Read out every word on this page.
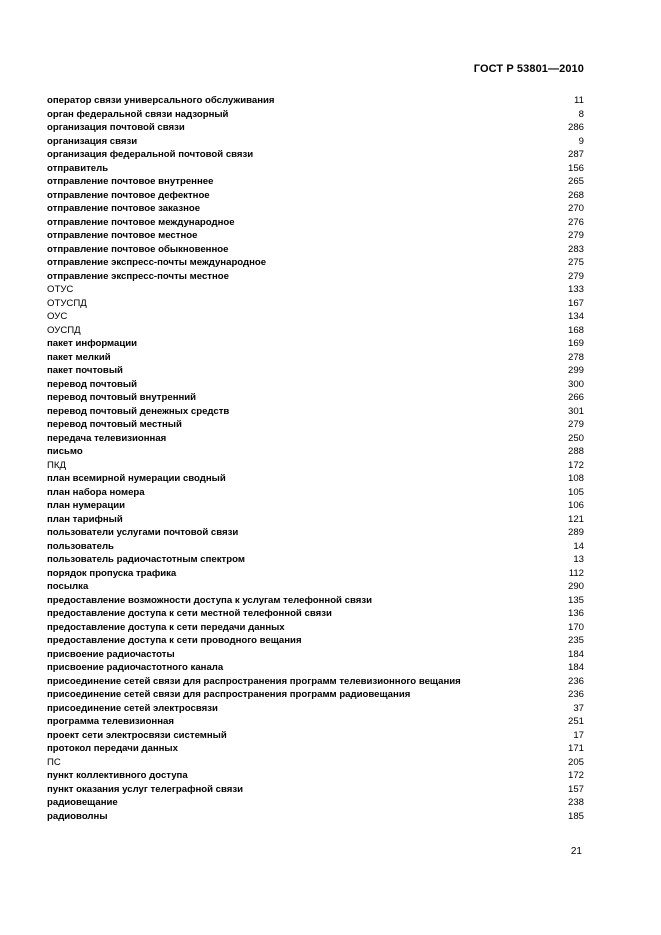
ГОСТ Р 53801—2010
оператор связи универсального обслуживания	11
орган федеральной связи надзорный	8
организация почтовой связи	286
организация связи	9
организация федеральной почтовой связи	287
отправитель	156
отправление почтовое внутреннее	265
отправление почтовое дефектное	268
отправление почтовое заказное	270
отправление почтовое международное	276
отправление почтовое местное	279
отправление почтовое обыкновенное	283
отправление экспресс-почты международное	275
отправление экспресс-почты местное	279
ОТУС	133
ОТУСПД	167
ОУС	134
ОУСПД	168
пакет информации	169
пакет мелкий	278
пакет почтовый	299
перевод почтовый	300
перевод почтовый внутренний	266
перевод почтовый денежных средств	301
перевод почтовый местный	279
передача телевизионная	250
письмо	288
ПКД	172
план всемирной нумерации сводный	108
план набора номера	105
план нумерации	106
план тарифный	121
пользователи услугами почтовой связи	289
пользователь	14
пользователь радиочастотным спектром	13
порядок пропуска трафика	112
посылка	290
предоставление возможности доступа к услугам телефонной связи	135
предоставление доступа к сети местной телефонной связи	136
предоставление доступа к сети передачи данных	170
предоставление доступа к сети проводного вещания	235
присвоение радиочастоты	184
присвоение радиочастотного канала	184
присоединение сетей связи для распространения программ телевизионного вещания	236
присоединение сетей связи для распространения программ радиовещания	236
присоединение сетей электросвязи	37
программа телевизионная	251
проект сети электросвязи системный	17
протокол передачи данных	171
ПС	205
пункт коллективного доступа	172
пункт оказания услуг телеграфной связи	157
радиовещание	238
радиоволны	185
21
